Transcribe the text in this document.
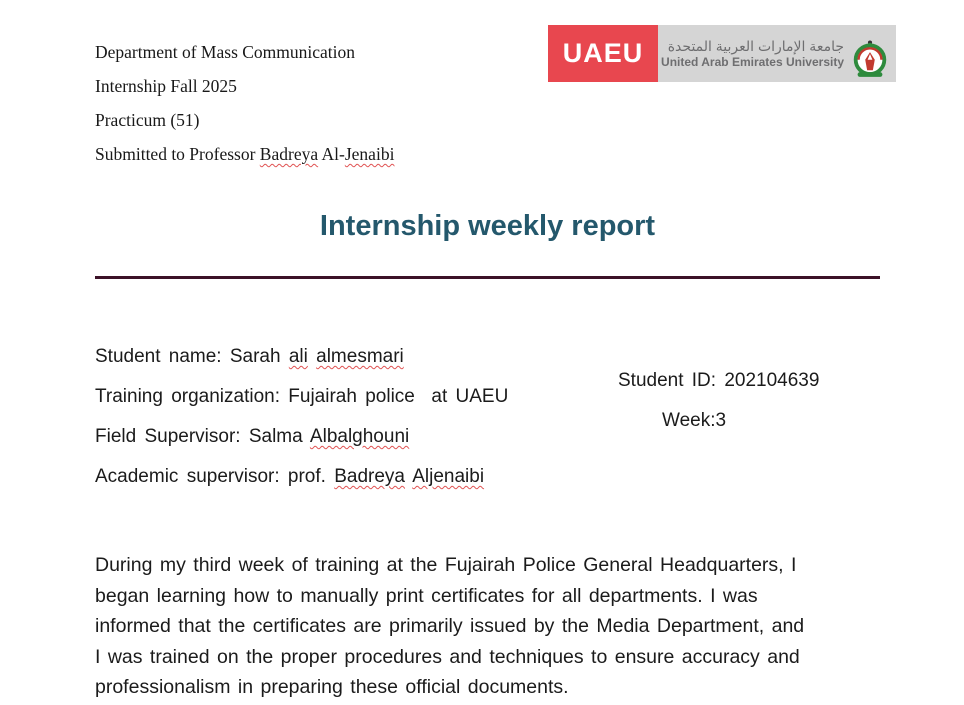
Department of Mass Communication
Internship Fall 2025
Practicum (51)
Submitted to Professor Badreya Al-Jenaibi
UAEU	جامعة الإمارات العربية المتحدة
United Arab Emirates University
Internship weekly report

Student name: Sarah ali almesmari

Student ID: 202104639

Training organization: Fujairah police  at UAEU

Week:3

Field Supervisor: Salma Albalghouni

Academic supervisor: prof. Badreya Aljenaibi

During my third week of training at the Fujairah Police General Headquarters, I
began learning how to manually print certificates for all departments. I was
informed that the certificates are primarily issued by the Media Department, and
I was trained on the proper procedures and techniques to ensure accuracy and
professionalism in preparing these official documents.
